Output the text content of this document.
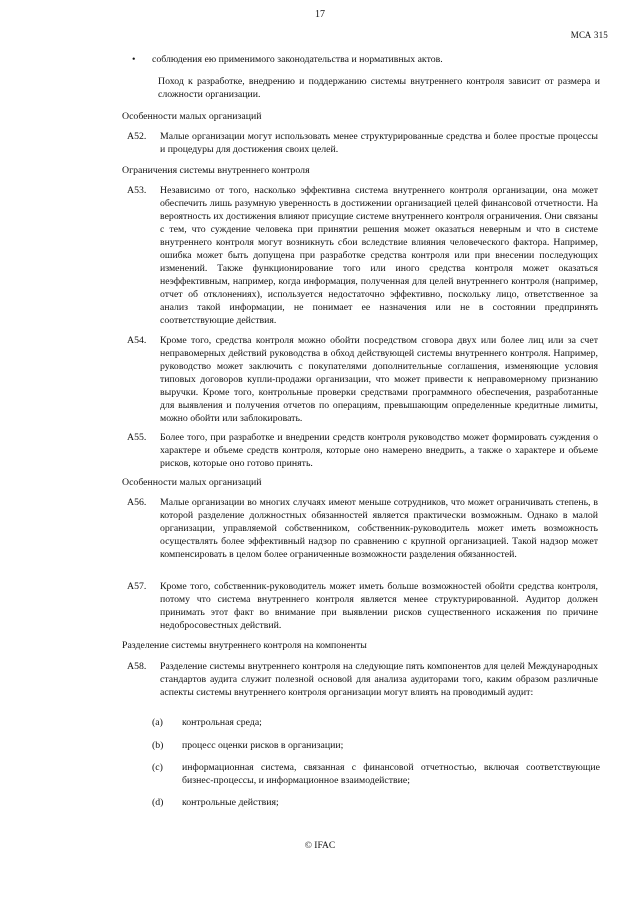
17
МСА 315
• соблюдения ею применимого законодательства и нормативных актов.
Поход к разработке, внедрению и поддержанию системы внутреннего контроля зависит от размера и сложности организации.
Особенности малых организаций
A52. Малые организации могут использовать менее структурированные средства и более простые процессы и процедуры для достижения своих целей.
Ограничения системы внутреннего контроля
A53. Независимо от того, насколько эффективна система внутреннего контроля организации, она может обеспечить лишь разумную уверенность в достижении организацией целей финансовой отчетности. На вероятность их достижения влияют присущие системе внутреннего контроля ограничения. Они связаны с тем, что суждение человека при принятии решения может оказаться неверным и что в системе внутреннего контроля могут возникнуть сбои вследствие влияния человеческого фактора. Например, ошибка может быть допущена при разработке средства контроля или при внесении последующих изменений. Также функционирование того или иного средства контроля может оказаться неэффективным, например, когда информация, полученная для целей внутреннего контроля (например, отчет об отклонениях), используется недостаточно эффективно, поскольку лицо, ответственное за анализ такой информации, не понимает ее назначения или не в состоянии предпринять соответствующие действия.
A54. Кроме того, средства контроля можно обойти посредством сговора двух или более лиц или за счет неправомерных действий руководства в обход действующей системы внутреннего контроля. Например, руководство может заключить с покупателями дополнительные соглашения, изменяющие условия типовых договоров купли-продажи организации, что может привести к неправомерному признанию выручки. Кроме того, контрольные проверки средствами программного обеспечения, разработанные для выявления и получения отчетов по операциям, превышающим определенные кредитные лимиты, можно обойти или заблокировать.
A55. Более того, при разработке и внедрении средств контроля руководство может формировать суждения о характере и объеме средств контроля, которые оно намерено внедрить, а также о характере и объеме рисков, которые оно готово принять.
Особенности малых организаций
A56. Малые организации во многих случаях имеют меньше сотрудников, что может ограничивать степень, в которой разделение должностных обязанностей является практически возможным. Однако в малой организации, управляемой собственником, собственник-руководитель может иметь возможность осуществлять более эффективный надзор по сравнению с крупной организацией. Такой надзор может компенсировать в целом более ограниченные возможности разделения обязанностей.
A57. Кроме того, собственник-руководитель может иметь больше возможностей обойти средства контроля, потому что система внутреннего контроля является менее структурированной. Аудитор должен принимать этот факт во внимание при выявлении рисков существенного искажения по причине недобросовестных действий.
Разделение системы внутреннего контроля на компоненты
A58. Разделение системы внутреннего контроля на следующие пять компонентов для целей Международных стандартов аудита служит полезной основой для анализа аудиторами того, каким образом различные аспекты системы внутреннего контроля организации могут влиять на проводимый аудит:
(a) контрольная среда;
(b) процесс оценки рисков в организации;
(c) информационная система, связанная с финансовой отчетностью, включая соответствующие бизнес-процессы, и информационное взаимодействие;
(d) контрольные действия;
© IFAC
